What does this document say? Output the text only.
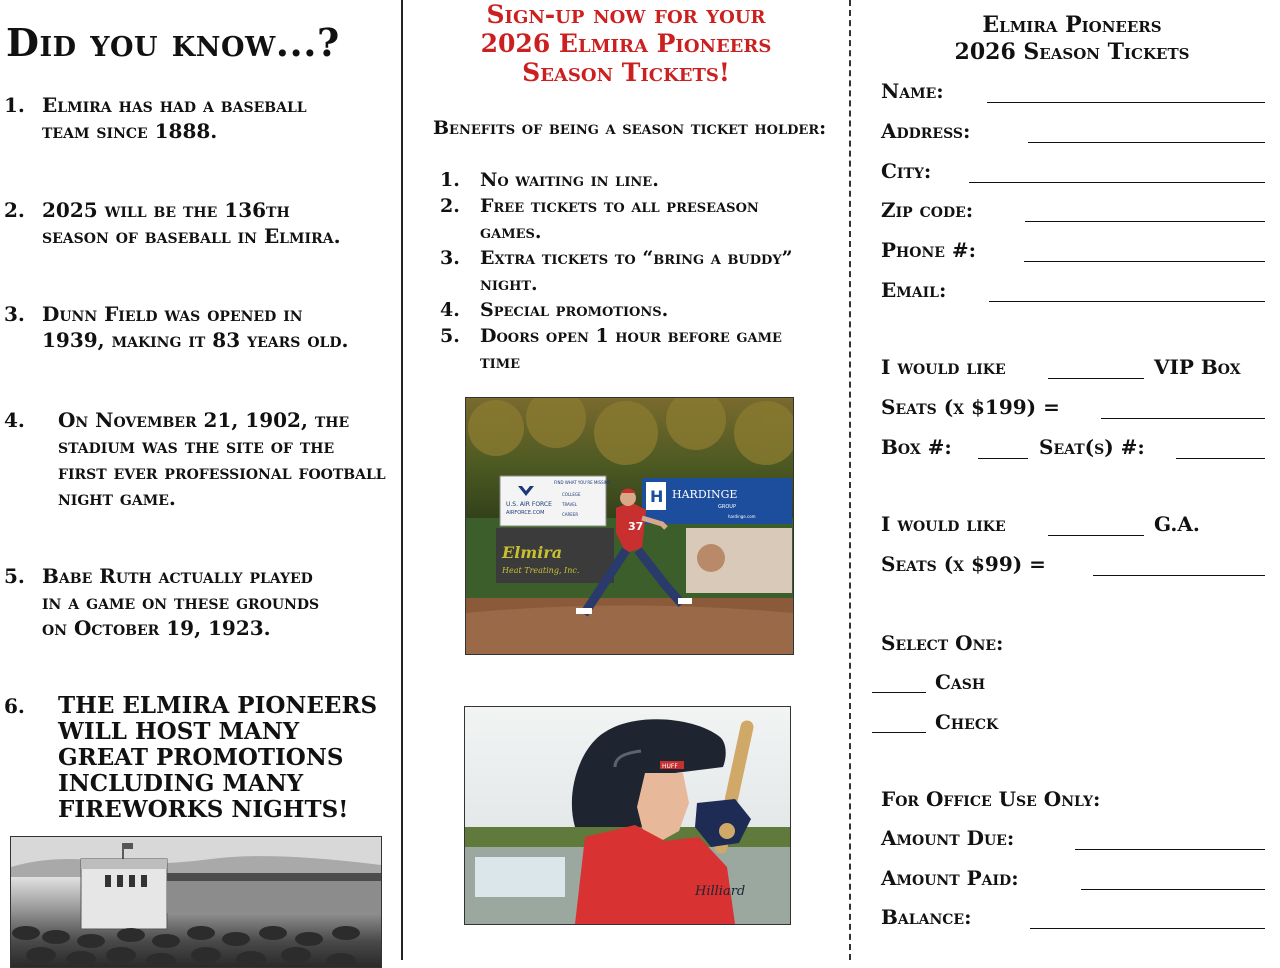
Did you know...?
1. Elmira has had a baseball team since 1888.
2. 2025 will be the 136th season of baseball in Elmira.
3. Dunn Field was opened in 1939, making it 83 years old.
4. On November 21, 1902, the stadium was the site of the first ever professional football night game.
5. Babe Ruth actually played in a game on these grounds on October 19, 1923.
6. THE ELMIRA PIONEERS WILL HOST MANY GREAT PROMOTIONS INCLUDING MANY FIREWORKS NIGHTS!
Sign-up now for your
2026 Elmira Pioneers
Season Tickets!
Benefits of being a season ticket holder:
1. No waiting in line.
2. Free tickets to all preseason games.
3. Extra tickets to “bring a buddy” night.
4. Special promotions.
5. Doors open 1 hour before game time
U.S. AIR FORCE
AIRFORCE.COM
FIND WHAT YOU'RE MISSING
COLLEGE
TRAVEL
CAREER
H HARDINGE
GROUP
hardinge.com
Elmira
Heat Treating, Inc.
37
HUFF
Hilliard
Elmira Pioneers
2026 Season Tickets
Name:
Address:
City:
Zip code:
Phone #:
Email:
I would like	VIP Box
Seats (x $199) =
Box #:	Seat(s) #:
I would like	G.A.
Seats (x $99) =
Select One:
Cash
Check
For Office Use Only:
Amount Due:
Amount Paid:
Balance:
